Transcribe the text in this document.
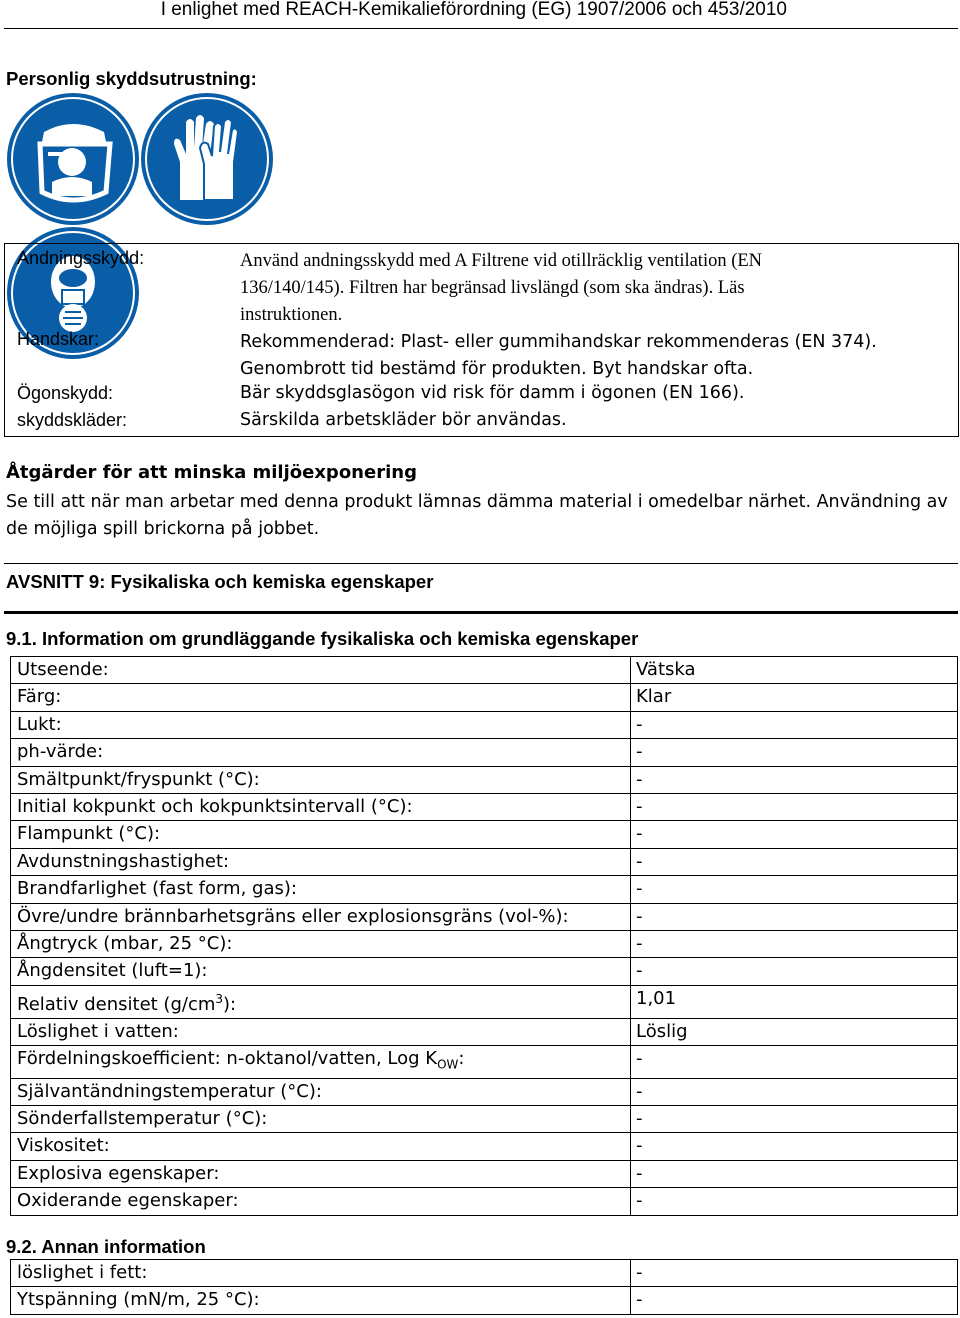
I enlighet med REACH-Kemikalieförordning (EG) 1907/2006 och 453/2010
Personlig skyddsutrustning:
Andningsskydd:	Använd andningsskydd med A Filtrene vid otillräcklig ventilation (EN
136/140/145). Filtren har begränsad livslängd (som ska ändras). Läs
instruktionen.
Handskar:	Rekommenderad: Plast- eller gummihandskar rekommenderas (EN 374).
Genombrott tid bestämd för produkten. Byt handskar ofta.
Ögonskydd:	Bär skyddsglasögon vid risk för damm i ögonen (EN 166).
skyddskläder:	Särskilda arbetskläder bör användas.
Åtgärder för att minska miljöexponering
Se till att när man arbetar med denna produkt lämnas dämma material i omedelbar närhet. Användning av
de möjliga spill brickorna på jobbet.
AVSNITT 9: Fysikaliska och kemiska egenskaper
9.1. Information om grundläggande fysikaliska och kemiska egenskaper
Utseende:	Vätska
Färg:	Klar
Lukt:	-
ph-värde:	-
Smältpunkt/fryspunkt (°C):	-
Initial kokpunkt och kokpunktsintervall (°C):	-
Flampunkt (°C):	-
Avdunstningshastighet:	-
Brandfarlighet (fast form, gas):	-
Övre/undre brännbarhetsgräns eller explosionsgräns (vol-%):	-
Ångtryck (mbar, 25 °C):	-
Ångdensitet (luft=1):	-
Relativ densitet $(g/cm^3)$:	1,01
Löslighet i vatten:	Löslig
Fördelningskoefficient: n-oktanol/vatten, Log $K_{OW}$:	-
Självantändningstemperatur (°C):	-
Sönderfallstemperatur (°C):	-
Viskositet:	-
Explosiva egenskaper:	-
Oxiderande egenskaper:	-
9.2. Annan information
löslighet i fett:	-
Ytspänning (mN/m, 25 °C):	-
